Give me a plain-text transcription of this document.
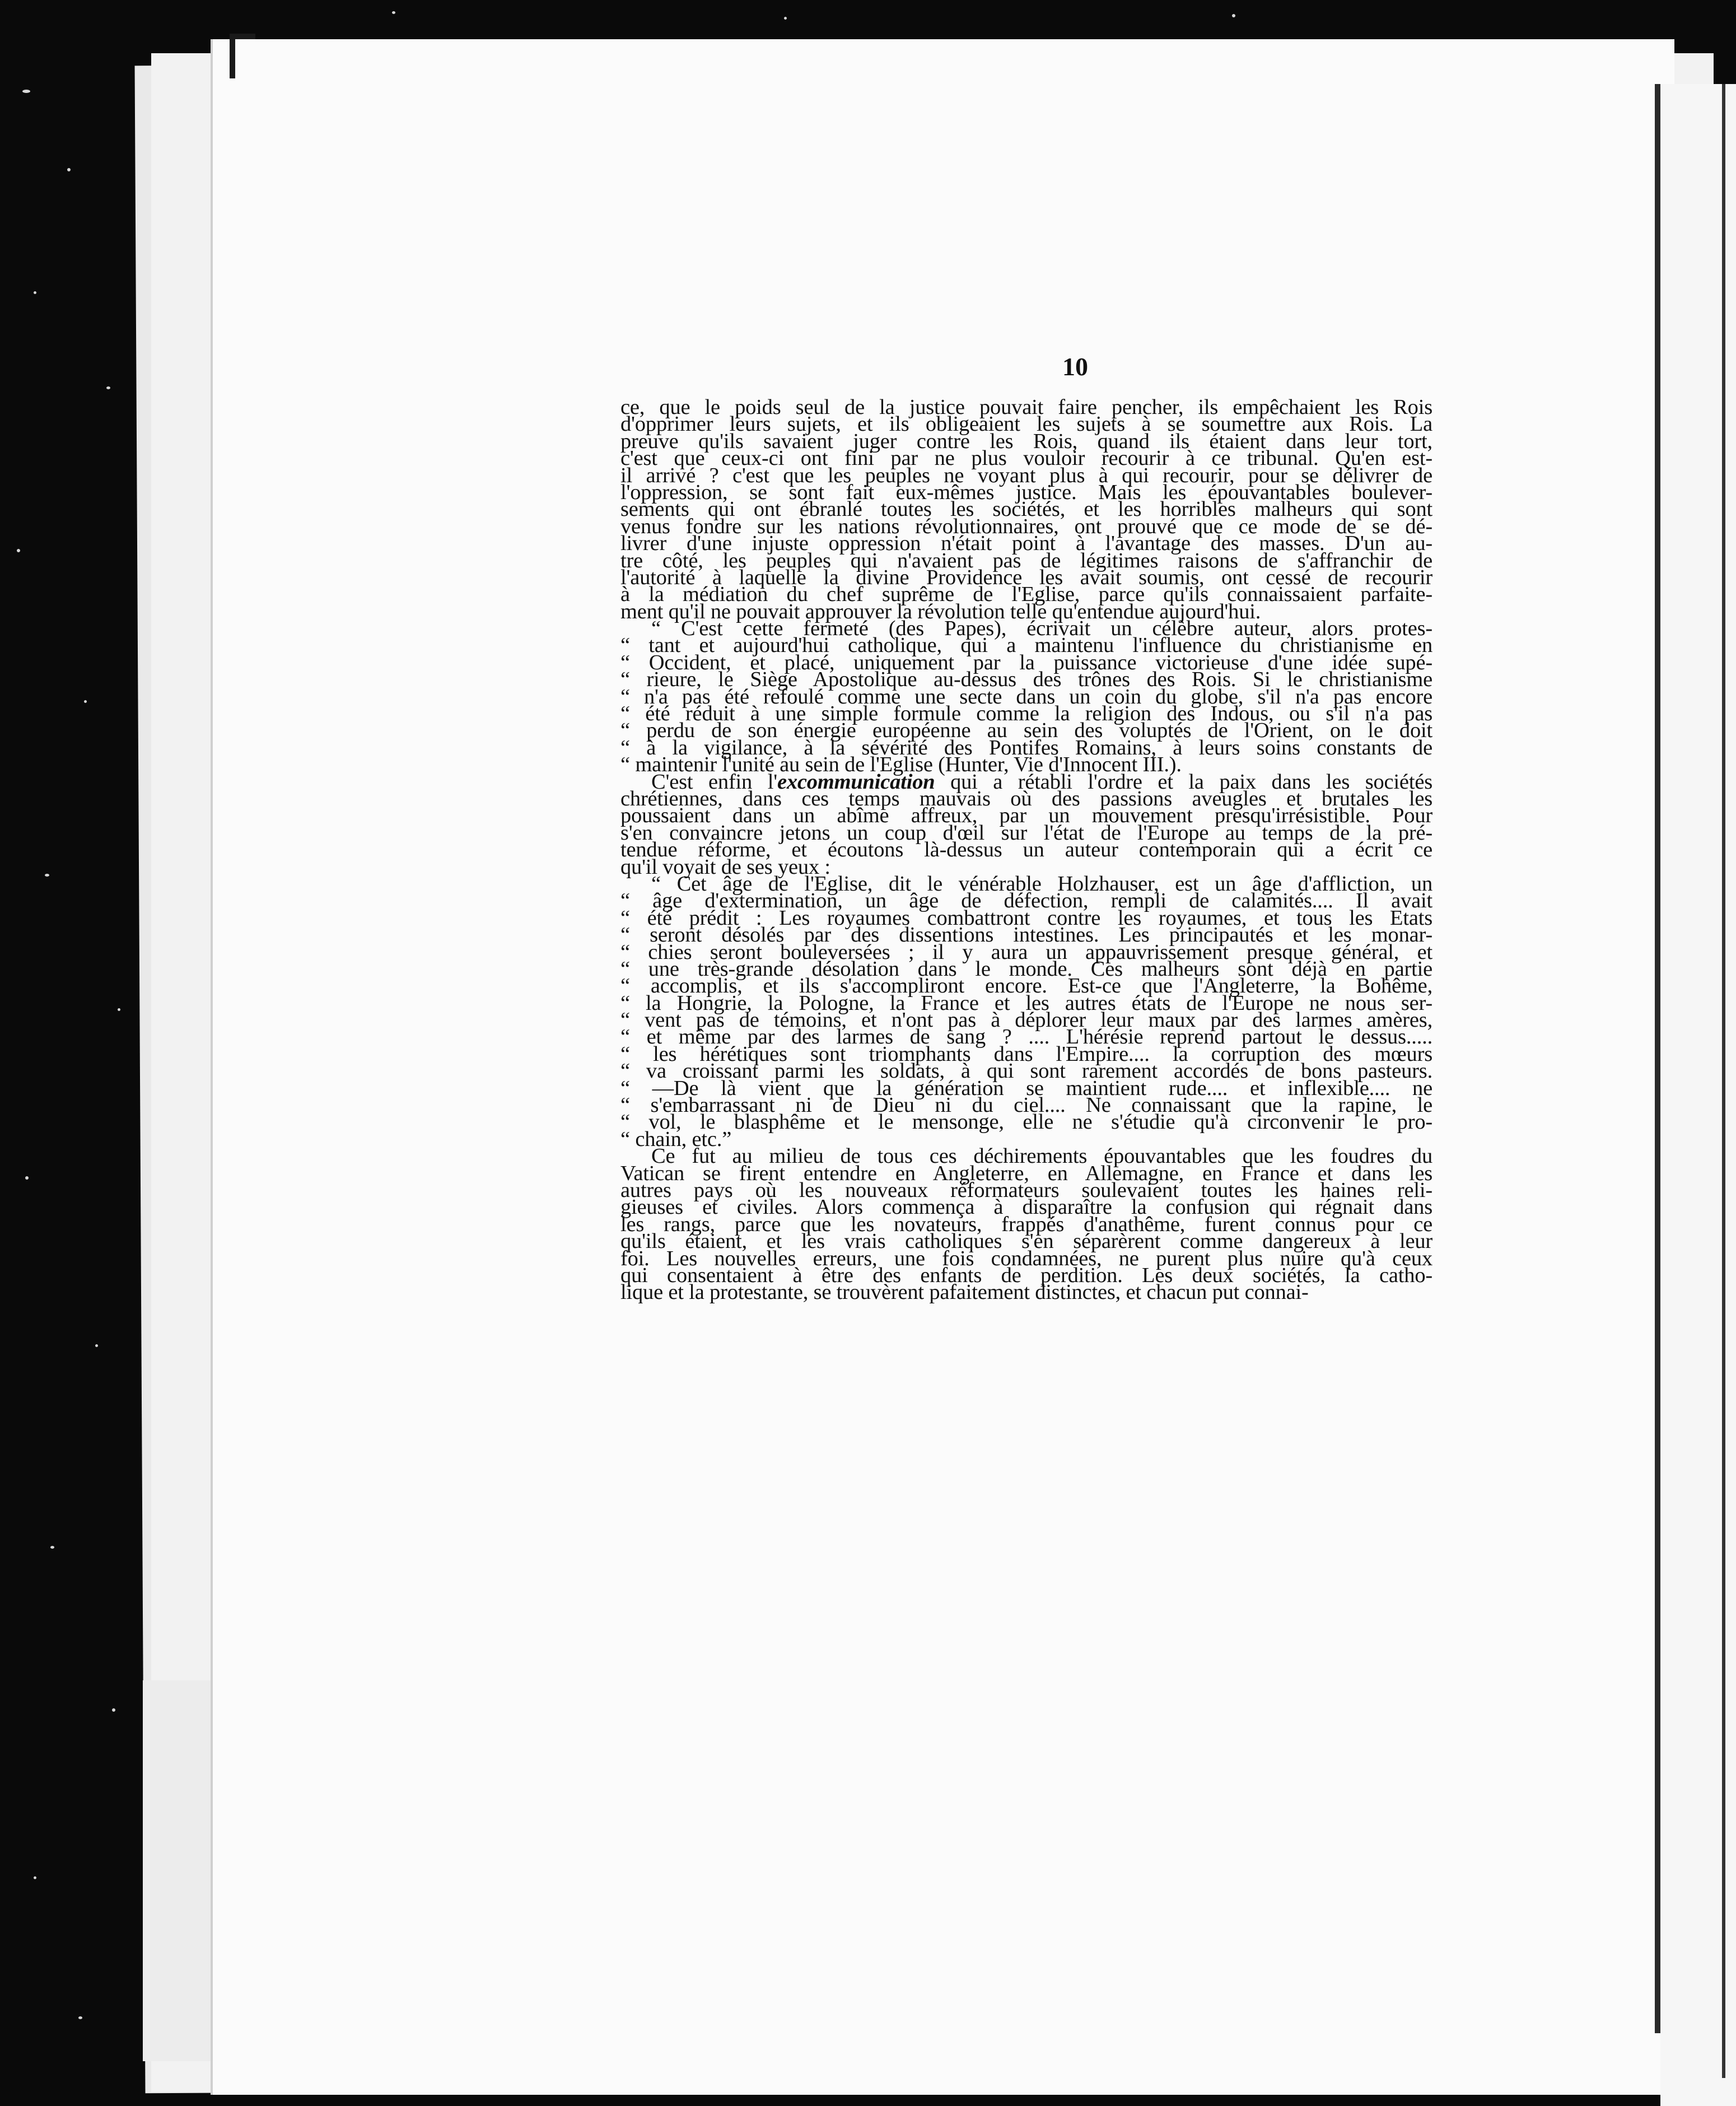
10
ce, que le poids seul de la justice pouvait faire pencher, ils empêchaient les Rois
d'opprimer leurs sujets, et ils obligeaient les sujets à se soumettre aux Rois. La
preuve qu'ils savaient juger contre les Rois, quand ils étaient dans leur tort,
c'est que ceux-ci ont fini par ne plus vouloir recourir à ce tribunal. Qu'en est-
il arrivé ? c'est que les peuples ne voyant plus à qui recourir, pour se délivrer de
l'oppression, se sont fait eux-mêmes justice. Mais les épouvantables boulever-
sements qui ont ébranlé toutes les sociétés, et les horribles malheurs qui sont
venus fondre sur les nations révolutionnaires, ont prouvé que ce mode de se dé-
livrer d'une injuste oppression n'était point à l'avantage des masses. D'un au-
tre côté, les peuples qui n'avaient pas de légitimes raisons de s'affranchir de
l'autorité à laquelle la divine Providence les avait soumis, ont cessé de recourir
à la médiation du chef suprême de l'Eglise, parce qu'ils connaissaient parfaite-
ment qu'il ne pouvait approuver la révolution telle qu'entendue aujourd'hui.
“ C'est cette fermeté (des Papes), écrivait un célèbre auteur, alors protes-
“ tant et aujourd'hui catholique, qui a maintenu l'influence du christianisme en
“ Occident, et placé, uniquement par la puissance victorieuse d'une idée supé-
“ rieure, le Siège Apostolique au-dessus des trônes des Rois. Si le christianisme
“ n'a pas été refoulé comme une secte dans un coin du globe, s'il n'a pas encore
“ été réduit à une simple formule comme la religion des Indous, ou s'il n'a pas
“ perdu de son énergie européenne au sein des voluptés de l'Orient, on le doit
“ à la vigilance, à la sévérité des Pontifes Romains, à leurs soins constants de
“ maintenir l'unité au sein de l'Eglise (Hunter, Vie d'Innocent III.).
C'est enfin l'excommunication qui a rétabli l'ordre et la paix dans les sociétés
chrétiennes, dans ces temps mauvais où des passions aveugles et brutales les
poussaient dans un abîme affreux, par un mouvement presqu'irrésistible. Pour
s'en convaincre jetons un coup d'œil sur l'état de l'Europe au temps de la pré-
tendue réforme, et écoutons là-dessus un auteur contemporain qui a écrit ce
qu'il voyait de ses yeux :
“ Cet âge de l'Eglise, dit le vénérable Holzhauser, est un âge d'affliction, un
“ âge d'extermination, un âge de défection, rempli de calamités.... Il avait
“ été prédit : Les royaumes combattront contre les royaumes, et tous les Etats
“ seront désolés par des dissentions intestines. Les principautés et les monar-
“ chies seront bouleversées ; il y aura un appauvrissement presque général, et
“ une très-grande désolation dans le monde. Ces malheurs sont déjà en partie
“ accomplis, et ils s'accompliront encore. Est-ce que l'Angleterre, la Bohême,
“ la Hongrie, la Pologne, la France et les autres états de l'Europe ne nous ser-
“ vent pas de témoins, et n'ont pas à déplorer leur maux par des larmes amères,
“ et même par des larmes de sang ? .... L'hérésie reprend partout le dessus.....
“ les hérétiques sont triomphants dans l'Empire.... la corruption des mœurs
“ va croissant parmi les soldats, à qui sont rarement accordés de bons pasteurs.
“ —De là vient que la génération se maintient rude.... et inflexible.... ne
“ s'embarrassant ni de Dieu ni du ciel.... Ne connaissant que la rapine, le
“ vol, le blasphême et le mensonge, elle ne s'étudie qu'à circonvenir le pro-
“ chain, etc.”
Ce fut au milieu de tous ces déchirements épouvantables que les foudres du
Vatican se firent entendre en Angleterre, en Allemagne, en France et dans les
autres pays où les nouveaux réformateurs soulevaient toutes les haines reli-
gieuses et civiles. Alors commença à disparaître la confusion qui régnait dans
les rangs, parce que les novateurs, frappés d'anathême, furent connus pour ce
qu'ils étaient, et les vrais catholiques s'en séparèrent comme dangereux à leur
foi. Les nouvelles erreurs, une fois condamnées, ne purent plus nuire qu'à ceux
qui consentaient à être des enfants de perdition. Les deux sociétés, la catho-
lique et la protestante, se trouvèrent pafaitement distinctes, et chacun put connai-
